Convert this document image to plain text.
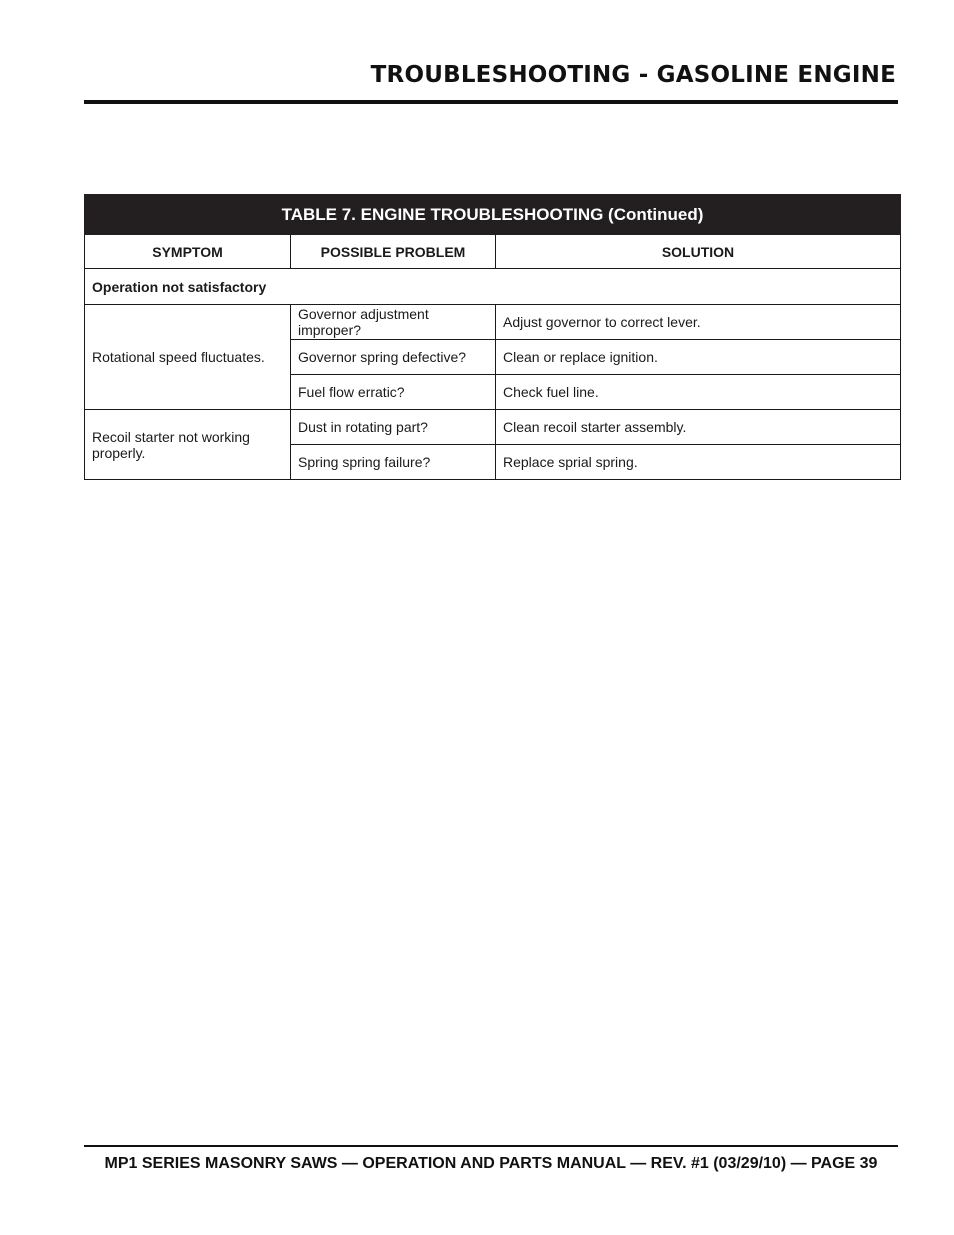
TROUBLESHOOTING - GASOLINE ENGINE
TABLE 7. ENGINE TROUBLESHOOTING (Continued)		
SYMPTOM	POSSIBLE PROBLEM	SOLUTION
Operation not satisfactory		
Rotational speed fluctuates.	Governor adjustment improper?	Adjust governor to correct lever.
	Governor spring defective?	Clean or replace ignition.
	Fuel flow erratic?	Check fuel line.
Recoil starter not working properly.	Dust in rotating part?	Clean recoil starter assembly.
	Spring spring failure?	Replace sprial spring.
MP1 SERIES MASONRY SAWS — OPERATION AND PARTS MANUAL — REV. #1 (03/29/10) — PAGE 39
